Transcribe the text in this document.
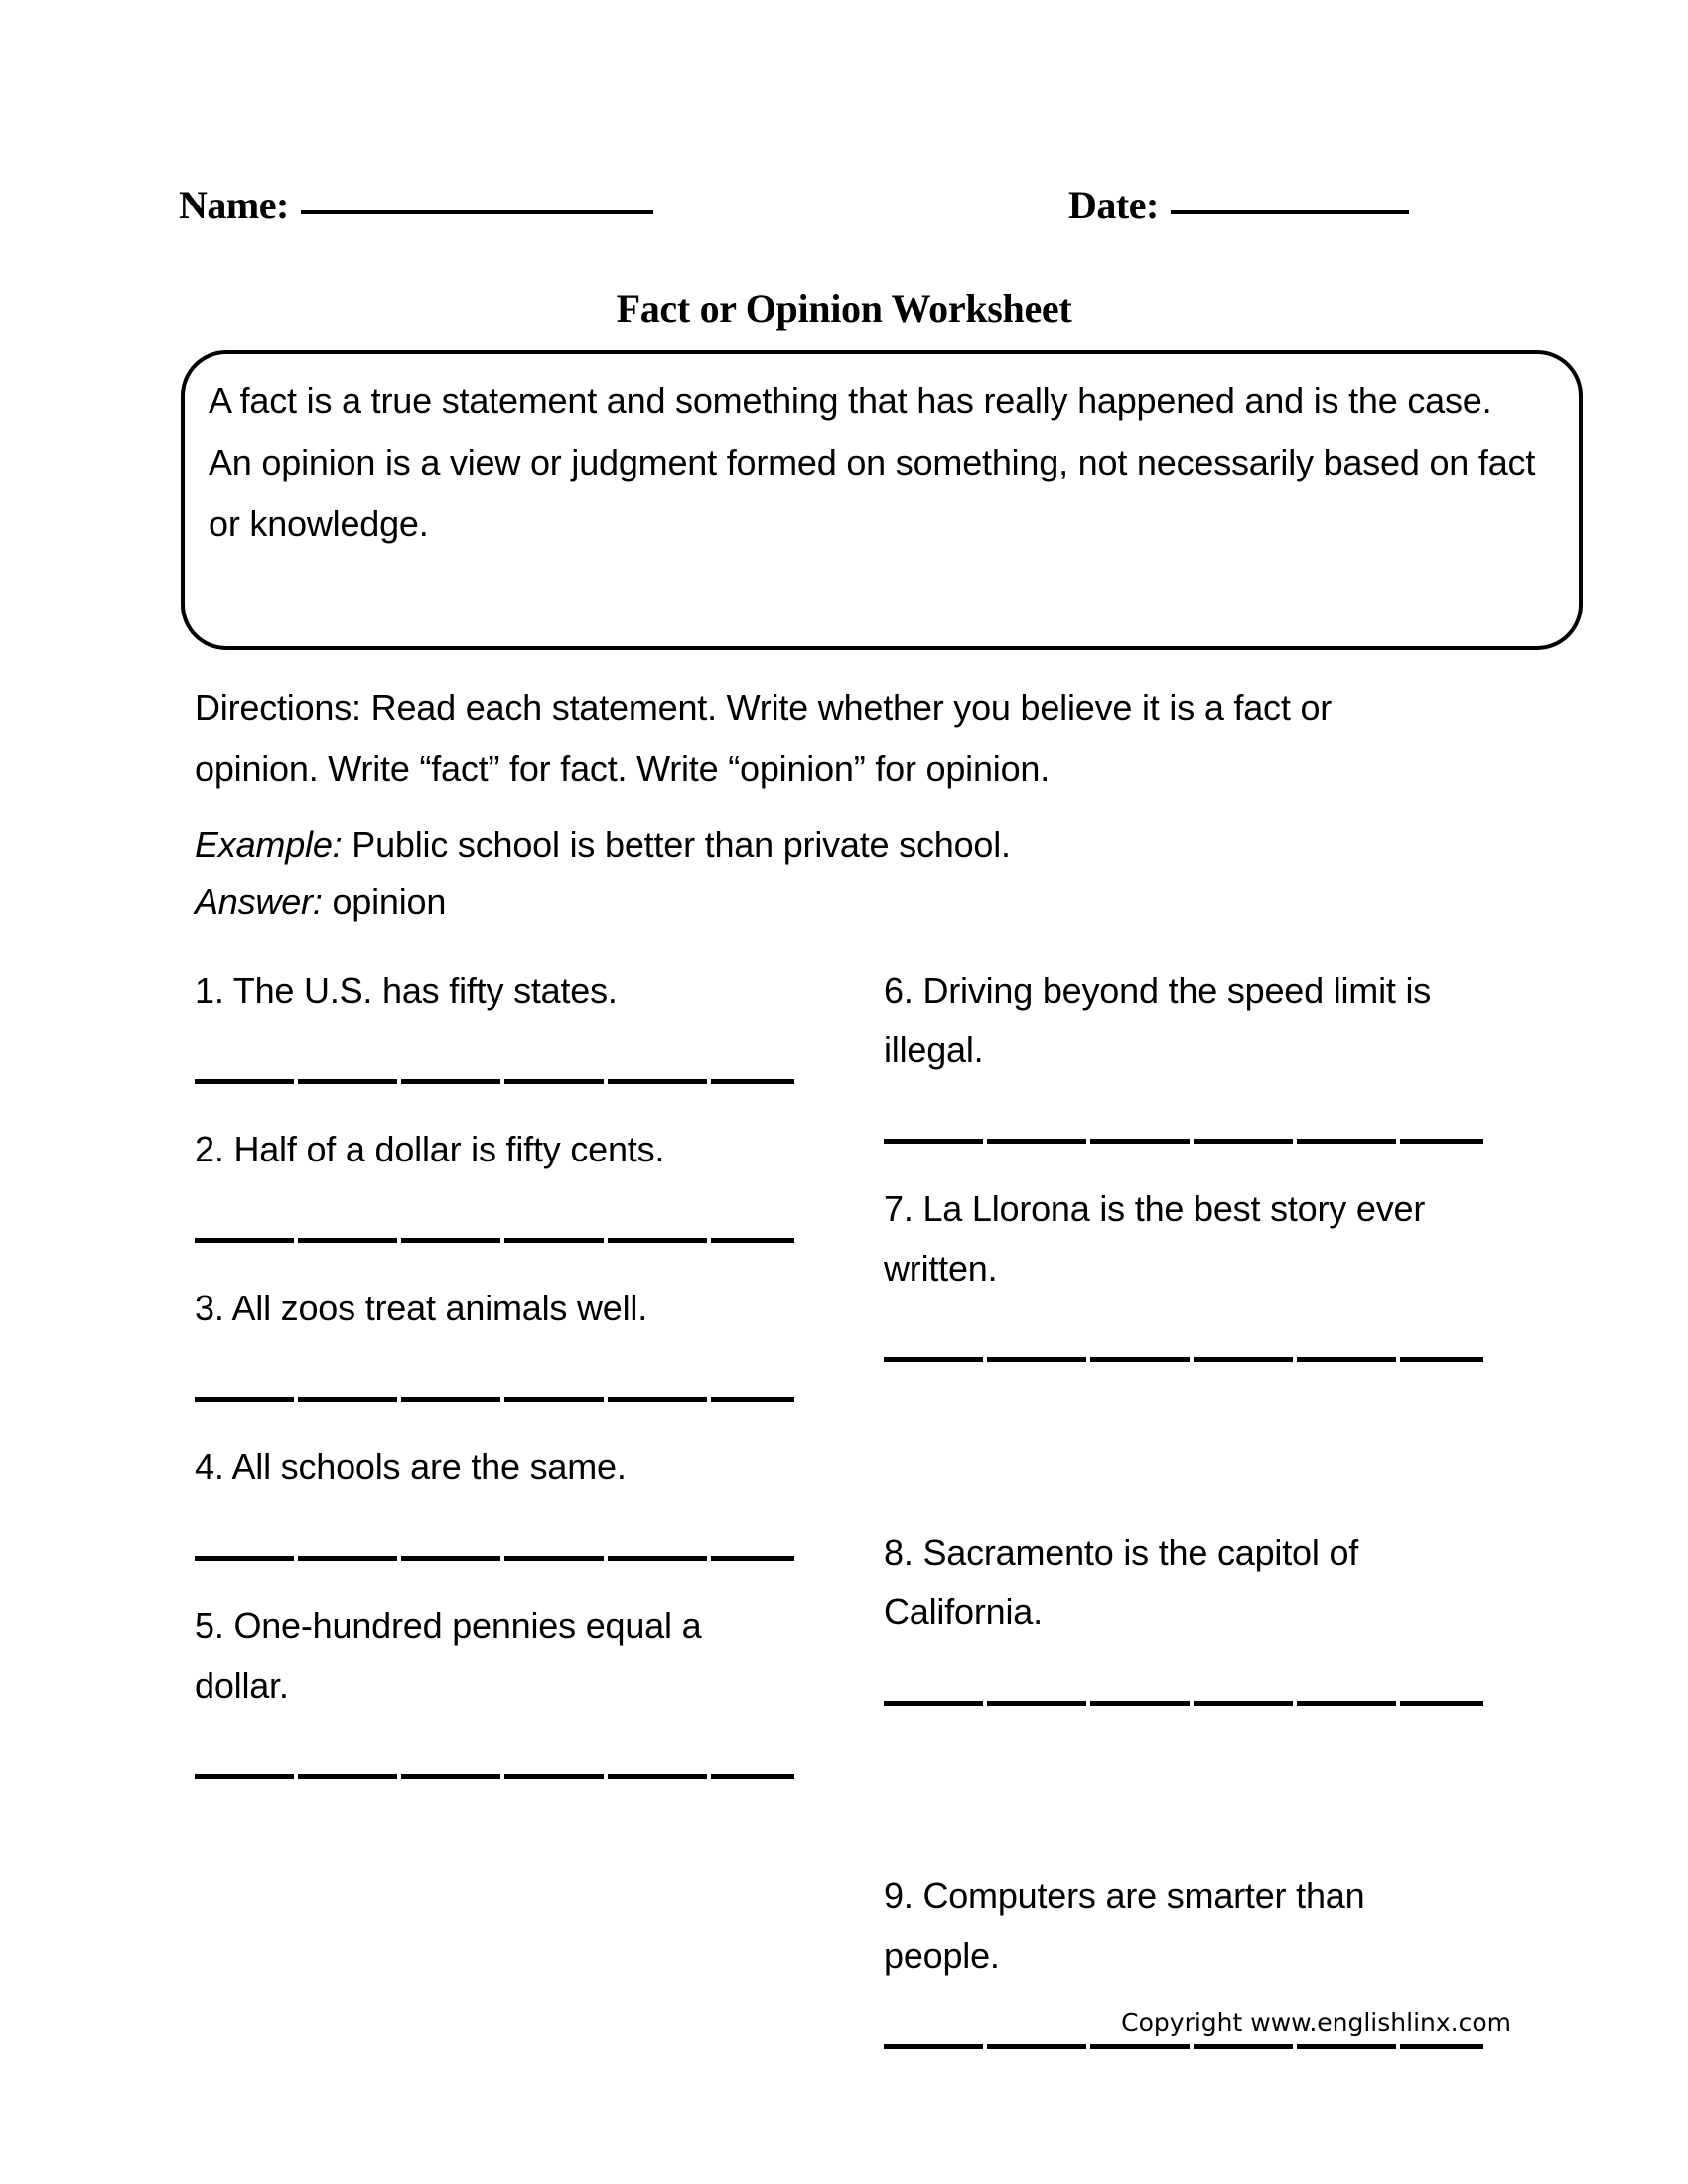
Name:	Date:
Fact or Opinion Worksheet
A fact is a true statement and something that has really happened and is the case.
An opinion is a view or judgment formed on something, not necessarily based on fact or knowledge.
Directions: Read each statement. Write whether you believe it is a fact or opinion. Write “fact” for fact. Write “opinion” for opinion.
Example: Public school is better than private school.
Answer: opinion
1. The U.S. has fifty states.
2. Half of a dollar is fifty cents.
3. All zoos treat animals well.
4. All schools are the same.
5. One-hundred pennies equal a dollar.
6. Driving beyond the speed limit is illegal.
7. La Llorona is the best story ever written.
8. Sacramento is the capitol of California.
9. Computers are smarter than people.
Copyright www.englishlinx.com
